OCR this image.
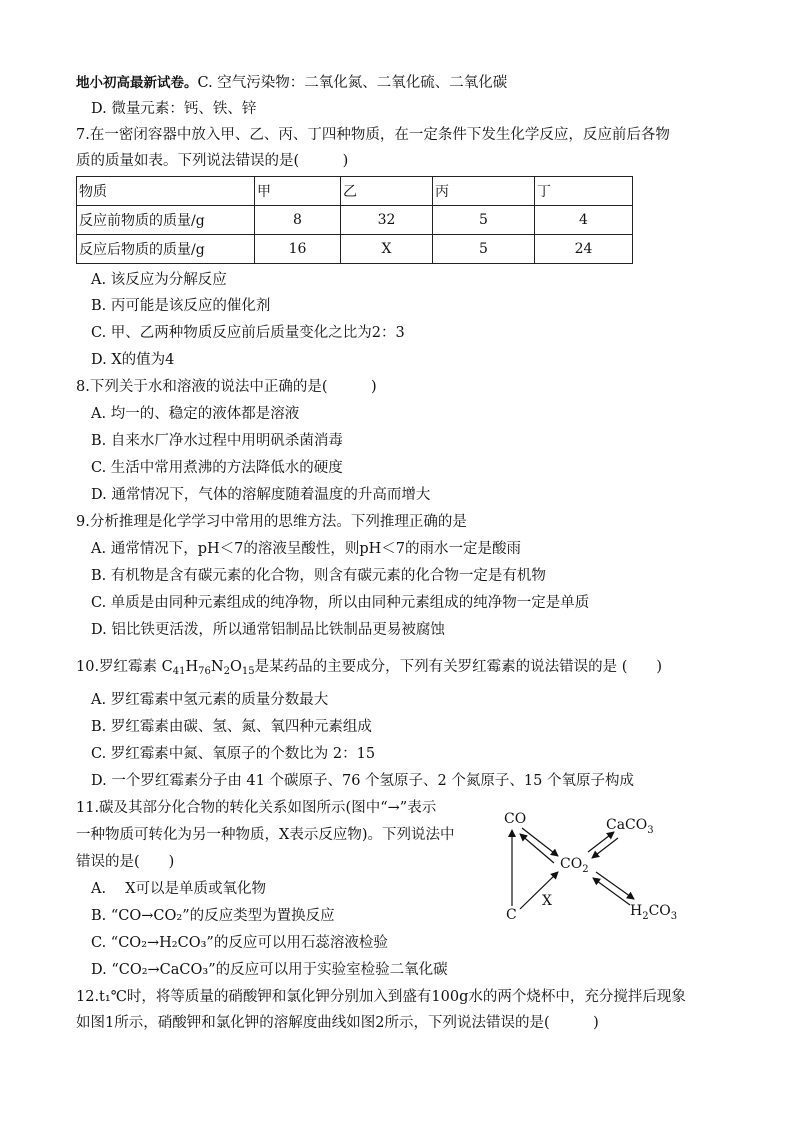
地小初高最新试卷。C. 空气污染物：二氧化氮、二氧化硫、二氧化碳
D. 微量元素：钙、铁、锌
7.在一密闭容器中放入甲、乙、丙、丁四种物质，在一定条件下发生化学反应，反应前后各物
质的质量如表。下列说法错误的是(　　　)
物质	甲	乙	丙	丁
反应前物质的质量/g	8	32	5	4
反应后物质的质量/g	16	X	5	24
A. 该反应为分解反应
B. 丙可能是该反应的催化剂
C. 甲、乙两种物质反应前后质量变化之比为2：3
D. X的值为4
8.下列关于水和溶液的说法中正确的是(　　　)
A. 均一的、稳定的液体都是溶液
B. 自来水厂净水过程中用明矾杀菌消毒
C. 生活中常用煮沸的方法降低水的硬度
D. 通常情况下，气体的溶解度随着温度的升高而增大
9.分析推理是化学学习中常用的思维方法。下列推理正确的是
A. 通常情况下，pH＜7的溶液呈酸性，则pH＜7的雨水一定是酸雨
B. 有机物是含有碳元素的化合物，则含有碳元素的化合物一定是有机物
C. 单质是由同种元素组成的纯净物，所以由同种元素组成的纯净物一定是单质
D. 铝比铁更活泼，所以通常铝制品比铁制品更易被腐蚀
10.罗红霉素 $C_{41}H_{76}N_2O_{15}$是某药品的主要成分，下列有关罗红霉素的说法错误的是 (　　)
A. 罗红霉素中氢元素的质量分数最大
B. 罗红霉素由碳、氢、氮、氧四种元素组成
C. 罗红霉素中氮、氧原子的个数比为 2：15
D. 一个罗红霉素分子由 41 个碳原子、76 个氢原子、2 个氮原子、15 个氧原子构成
11.碳及其部分化合物的转化关系如图所示(图中“→”表示
一种物质可转化为另一种物质，X表示反应物)。下列说法中
错误的是(　　)
A.　 X可以是单质或氧化物
B. “CO→CO₂”的反应类型为置换反应
C. “CO₂→H₂CO₃”的反应可以用石蕊溶液检验
D. “CO₂→CaCO₃”的反应可以用于实验室检验二氧化碳
CO
$CO_2$
CaCO$_3$
$H_2CO_3$
C
X
12.t₁℃时，将等质量的硝酸钾和氯化钾分别加入到盛有100g水的两个烧杯中，充分搅拌后现象
如图1所示，硝酸钾和氯化钾的溶解度曲线如图2所示，下列说法错误的是(　　　)
